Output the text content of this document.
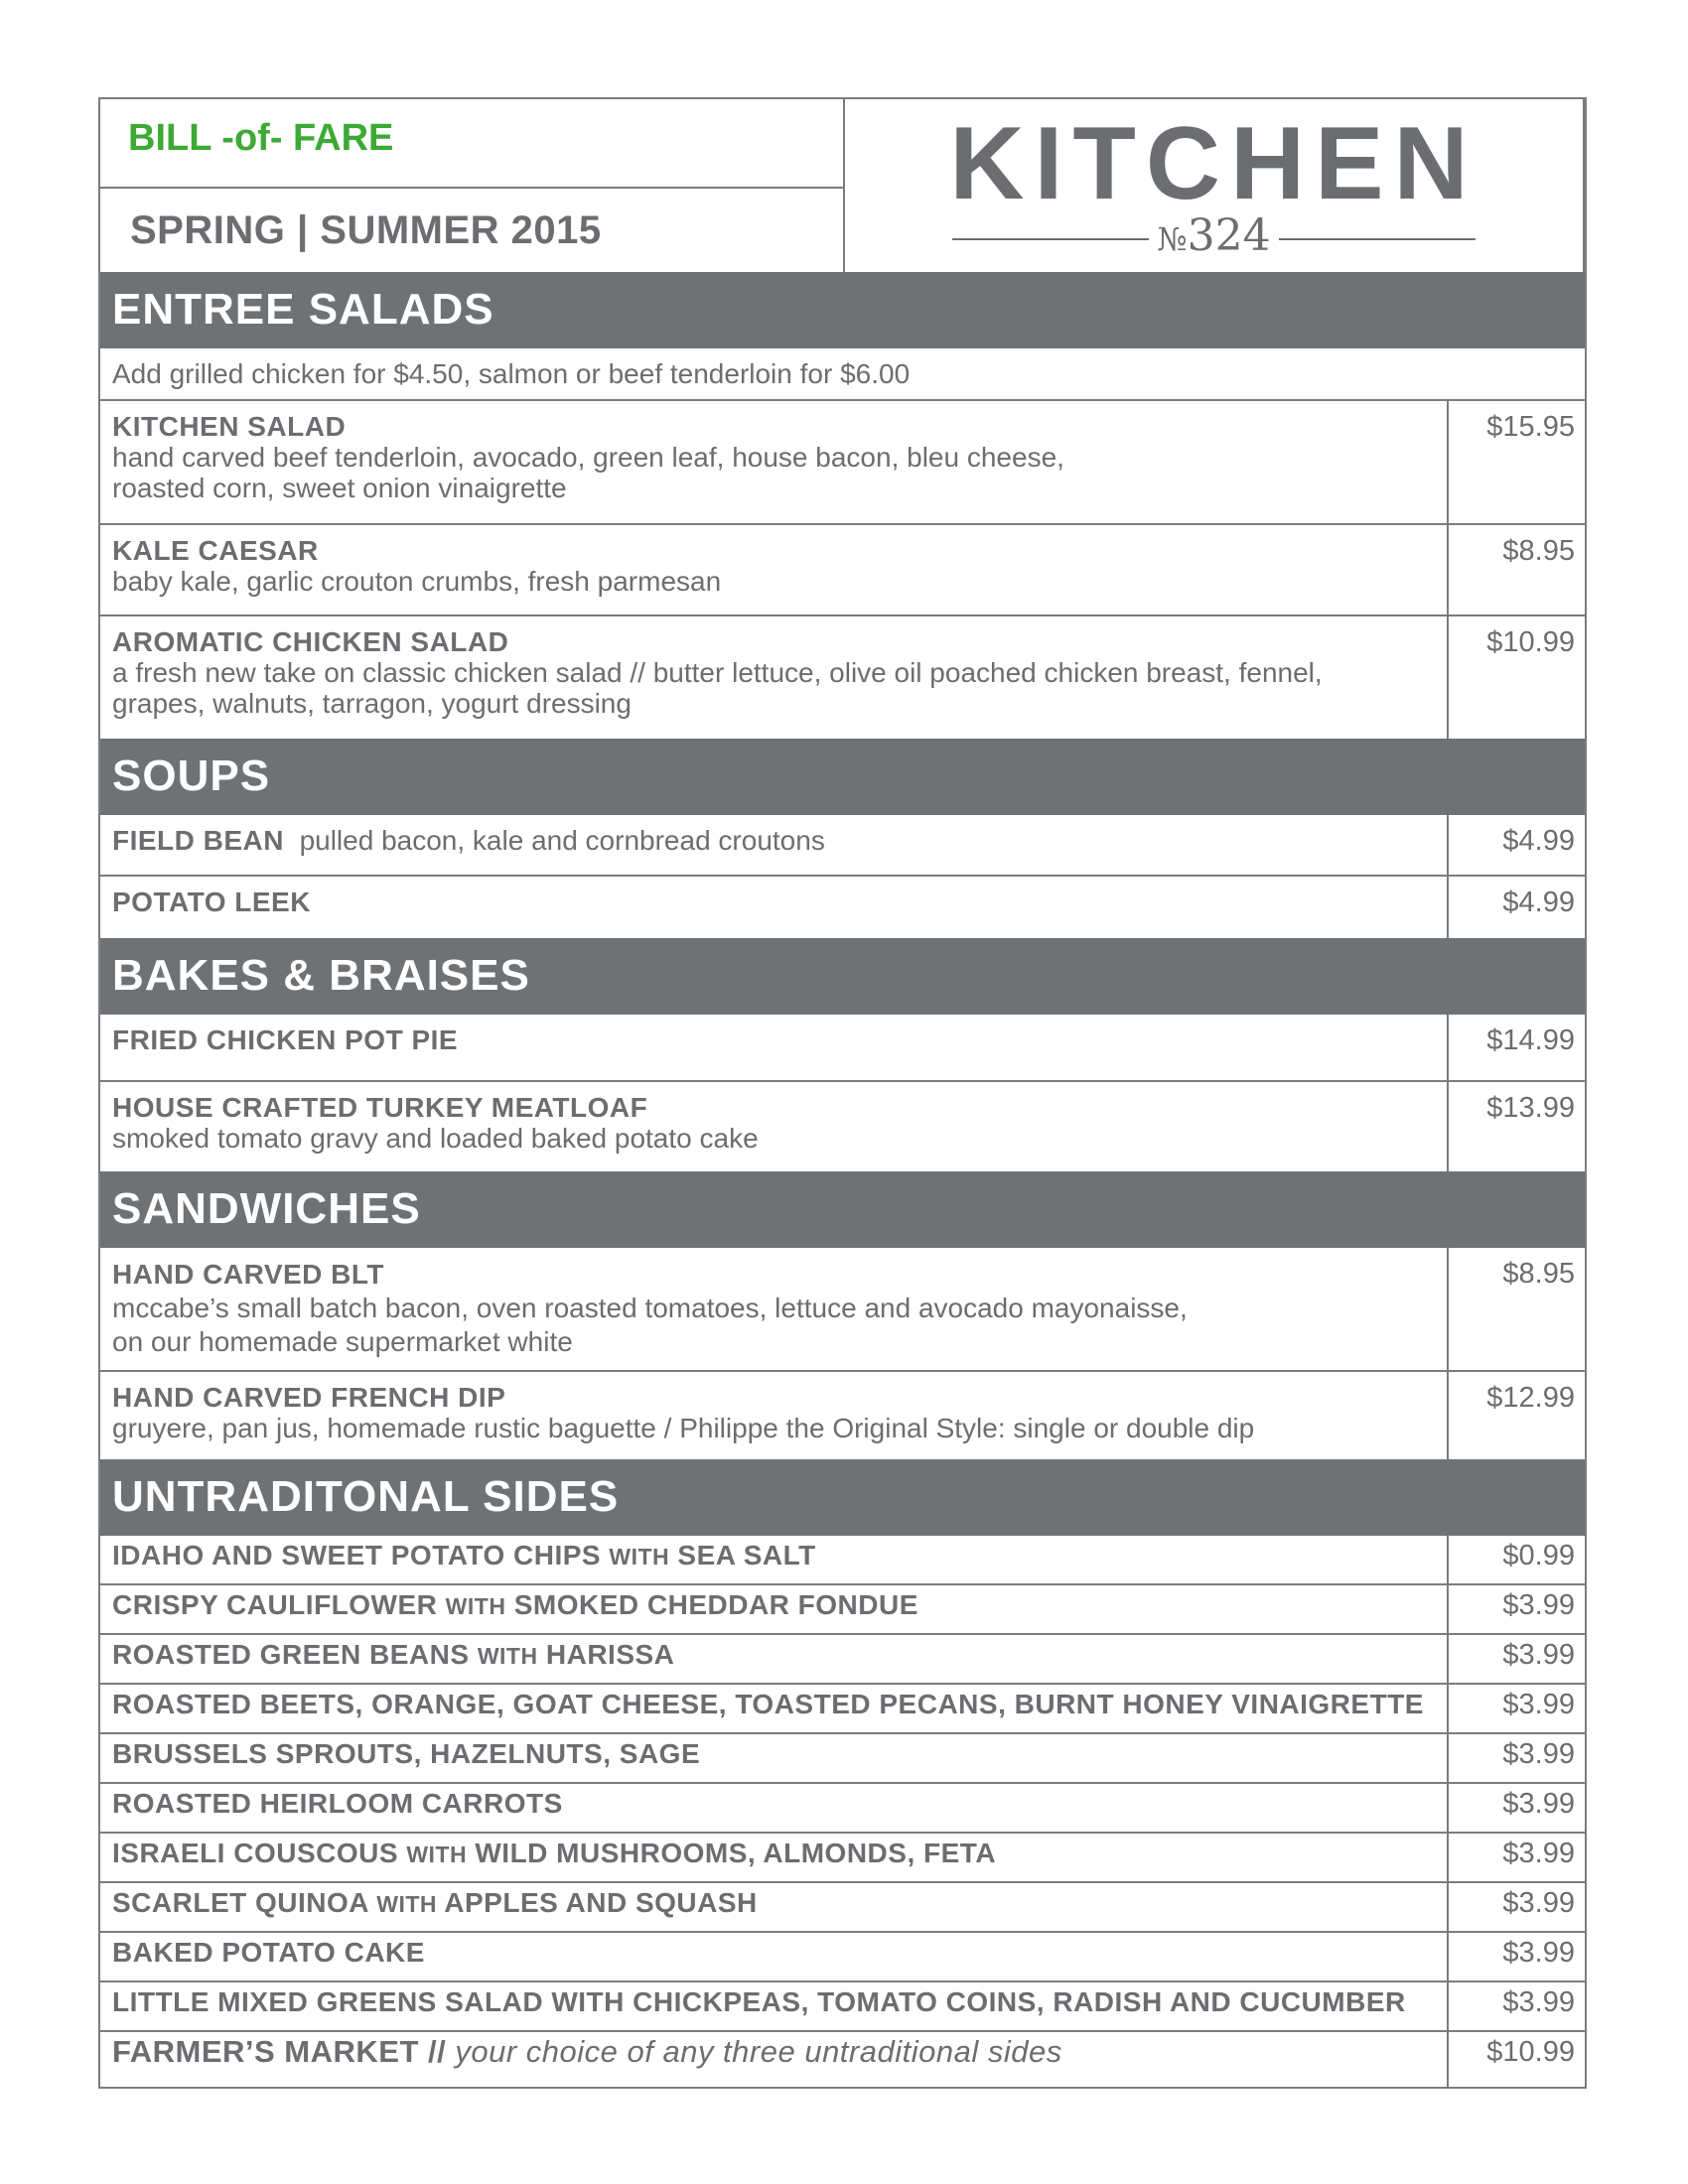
BILL -of- FARE
SPRING | SUMMER 2015
KITCHEN
№324
ENTREE SALADS
Add grilled chicken for $4.50, salmon or beef tenderloin for $6.00
KITCHEN SALAD
hand carved beef tenderloin, avocado, green leaf, house bacon, bleu cheese,
roasted corn, sweet onion vinaigrette
$15.95
KALE CAESAR
baby kale, garlic crouton crumbs, fresh parmesan
$8.95
AROMATIC CHICKEN SALAD
a fresh new take on classic chicken salad // butter lettuce, olive oil poached chicken breast, fennel,
grapes, walnuts, tarragon, yogurt dressing
$10.99
SOUPS
FIELD BEAN pulled bacon, kale and cornbread croutons	$4.99
POTATO LEEK	$4.99
BAKES & BRAISES
FRIED CHICKEN POT PIE	$14.99
HOUSE CRAFTED TURKEY MEATLOAF
smoked tomato gravy and loaded baked potato cake
$13.99
SANDWICHES
HAND CARVED BLT
mccabe’s small batch bacon, oven roasted tomatoes, lettuce and avocado mayonaisse,
on our homemade supermarket white
$8.95
HAND CARVED FRENCH DIP
gruyere, pan jus, homemade rustic baguette / Philippe the Original Style: single or double dip
$12.99
UNTRADITONAL SIDES
IDAHO AND SWEET POTATO CHIPS WITH SEA SALT	$0.99
CRISPY CAULIFLOWER WITH SMOKED CHEDDAR FONDUE	$3.99
ROASTED GREEN BEANS WITH HARISSA	$3.99
ROASTED BEETS, ORANGE, GOAT CHEESE, TOASTED PECANS, BURNT HONEY VINAIGRETTE	$3.99
BRUSSELS SPROUTS, HAZELNUTS, SAGE	$3.99
ROASTED HEIRLOOM CARROTS	$3.99
ISRAELI COUSCOUS WITH WILD MUSHROOMS, ALMONDS, FETA	$3.99
SCARLET QUINOA WITH APPLES AND SQUASH	$3.99
BAKED POTATO CAKE	$3.99
LITTLE MIXED GREENS SALAD WITH CHICKPEAS, TOMATO COINS, RADISH AND CUCUMBER	$3.99
FARMER’S MARKET // your choice of any three untraditional sides	$10.99
